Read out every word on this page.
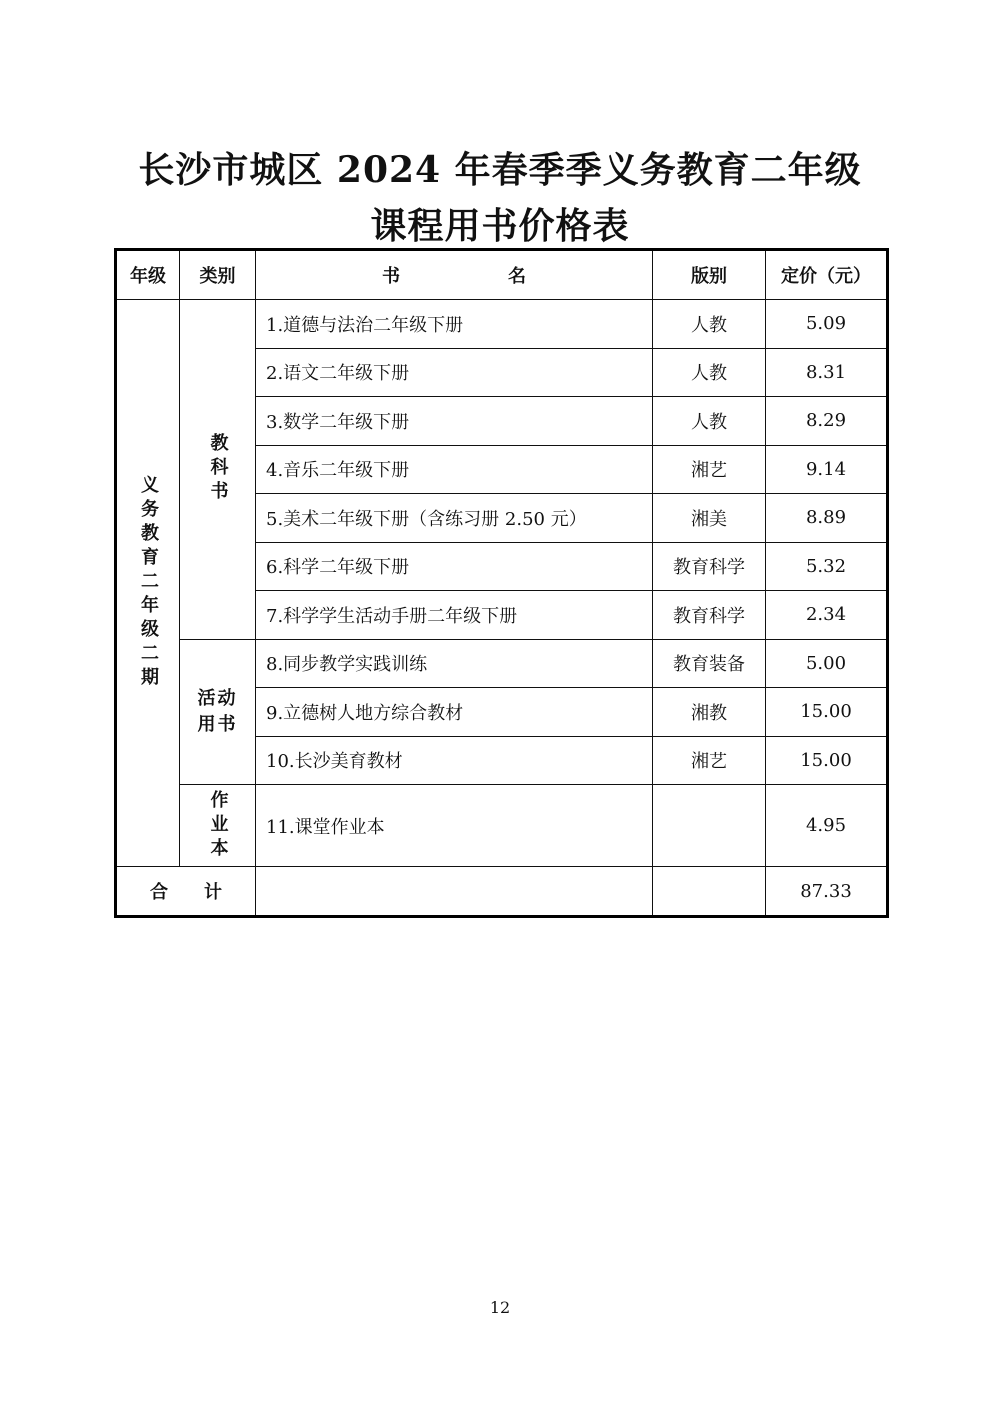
长沙市城区 2024 年春季季义务教育二年级
课程用书价格表
年级	类别	书　　　　　　名	版别	定价（元）

义务教育二年级二期	教科书	1.道德与法治二年级下册	人教	5.09
		2.语文二年级下册	人教	8.31
		3.数学二年级下册	人教	8.29
		4.音乐二年级下册	湘艺	9.14
		5.美术二年级下册（含练习册 2.50 元）	湘美	8.89
		6.科学二年级下册	教育科学	5.32
		7.科学学生活动手册二年级下册	教育科学	2.34

	活动用书	8.同步教学实践训练	教育装备	5.00
		9.立德树人地方综合教材	湘教	15.00
		10.长沙美育教材	湘艺	15.00

	作业本	11.课堂作业本		4.95
合　　计				87.33
12
